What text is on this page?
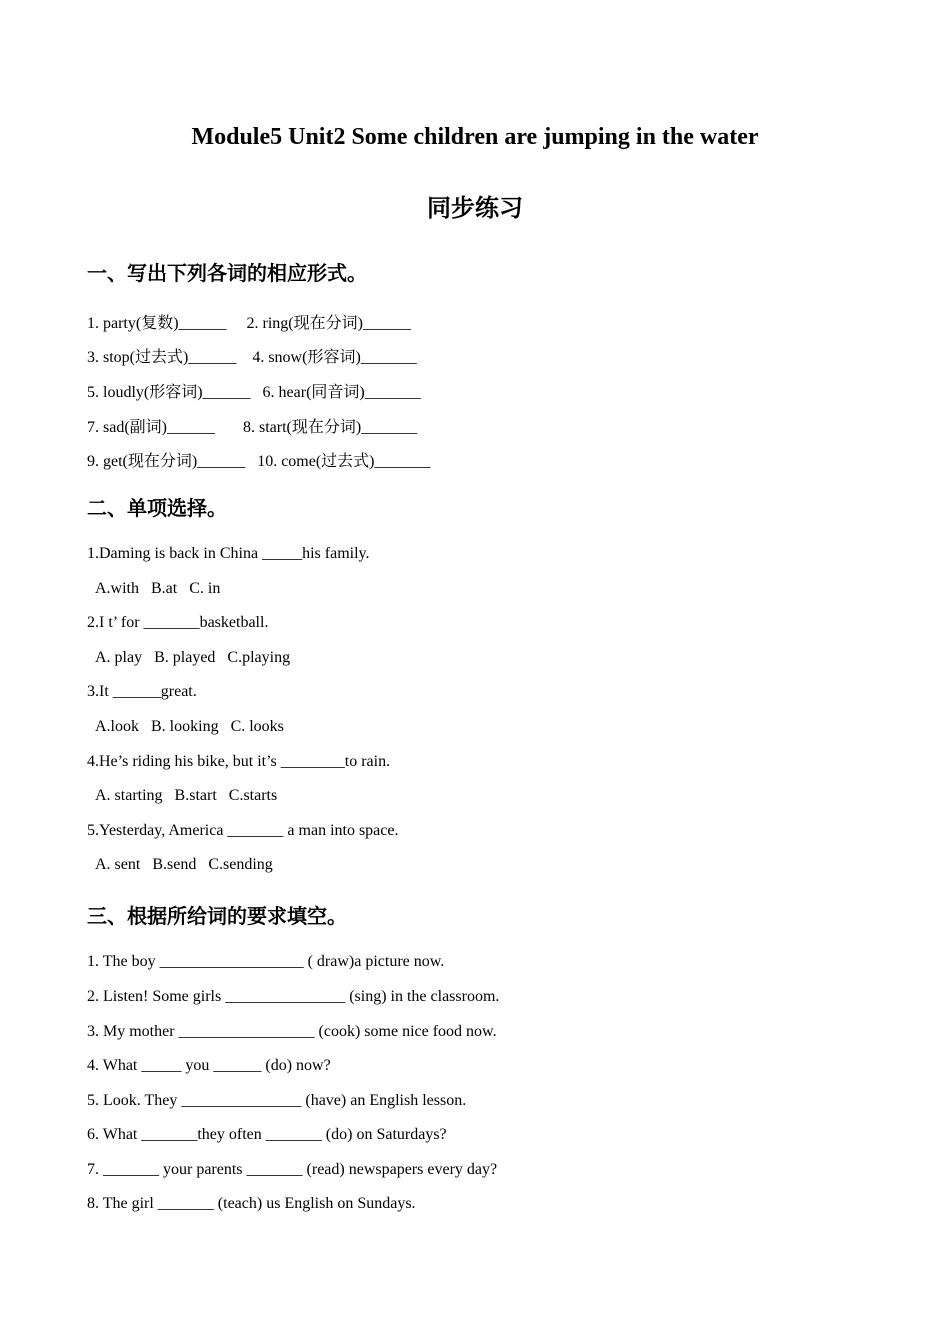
Module5 Unit2 Some children are jumping in the water
同步练习
一、写出下列各词的相应形式。
1. party(复数)______     2. ring(现在分词)______
3. stop(过去式)______    4. snow(形容词)_______
5. loudly(形容词)______   6. hear(同音词)_______
7. sad(副词)______       8. start(现在分词)_______
9. get(现在分词)______   10. come(过去式)_______
二、单项选择。
1.Daming is back in China _____his family.
A.with   B.at   C. in
2.I t’ for _______basketball.
A. play   B. played   C.playing
3.It ______great.
A.look   B. looking   C. looks
4.He’s riding his bike, but it’s ________to rain.
A. starting   B.start   C.starts
5.Yesterday, America _______ a man into space.
A. sent   B.send   C.sending
三、根据所给词的要求填空。
1. The boy __________________ ( draw)a picture now.
2. Listen! Some girls _______________ (sing) in the classroom.
3. My mother _________________ (cook) some nice food now.
4. What _____ you ______ (do) now?
5. Look. They _______________ (have) an English lesson.
6. What _______they often _______ (do) on Saturdays?
7. _______ your parents _______ (read) newspapers every day?
8. The girl _______ (teach) us English on Sundays.
